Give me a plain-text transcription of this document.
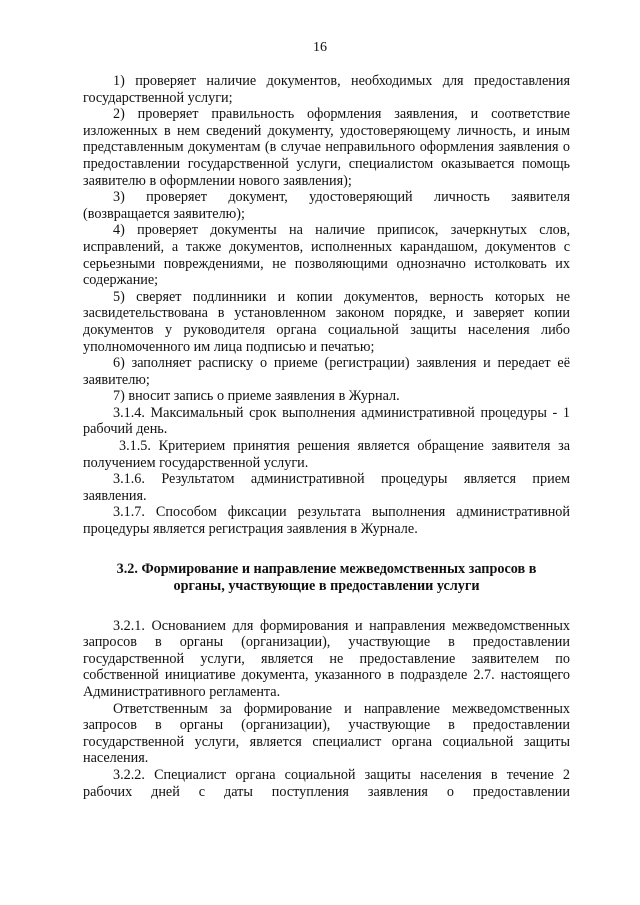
16

1) проверяет наличие документов, необходимых для предоставления государственной услуги;

2) проверяет правильность оформления заявления, и соответствие изложенных в нем сведений документу, удостоверяющему личность, и иным представленным документам (в случае неправильного оформления заявления о предоставлении государственной услуги, специалистом оказывается помощь заявителю в оформлении нового заявления);

3) проверяет документ, удостоверяющий личность заявителя (возвращается заявителю);

4) проверяет документы на наличие приписок, зачеркнутых слов, исправлений, а также документов, исполненных карандашом, документов с серьезными повреждениями, не позволяющими однозначно истолковать их содержание;

5) сверяет подлинники и копии документов, верность которых не засвидетельствована в установленном законом порядке, и заверяет копии документов у руководителя органа социальной защиты населения либо уполномоченного им лица подписью и печатью;

6) заполняет расписку о приеме (регистрации) заявления и передает её заявителю;

7) вносит запись о приеме заявления в Журнал.

3.1.4. Максимальный срок выполнения административной процедуры - 1 рабочий день.

3.1.5. Критерием принятия решения является обращение заявителя за получением государственной услуги.

3.1.6. Результатом административной процедуры является прием заявления.

3.1.7. Способом фиксации результата выполнения административной процедуры является регистрация заявления в Журнале.

3.2. Формирование и направление межведомственных запросов в органы, участвующие в предоставлении услуги

3.2.1. Основанием для формирования и направления межведомственных запросов в органы (организации), участвующие в предоставлении государственной услуги, является не предоставление заявителем по собственной инициативе документа, указанного в подразделе 2.7. настоящего Административного регламента.

Ответственным за формирование и направление межведомственных запросов в органы (организации), участвующие в предоставлении государственной услуги, является специалист органа социальной защиты населения.

3.2.2. Специалист органа социальной защиты населения в течение 2 рабочих дней с даты поступления заявления о предоставлении
